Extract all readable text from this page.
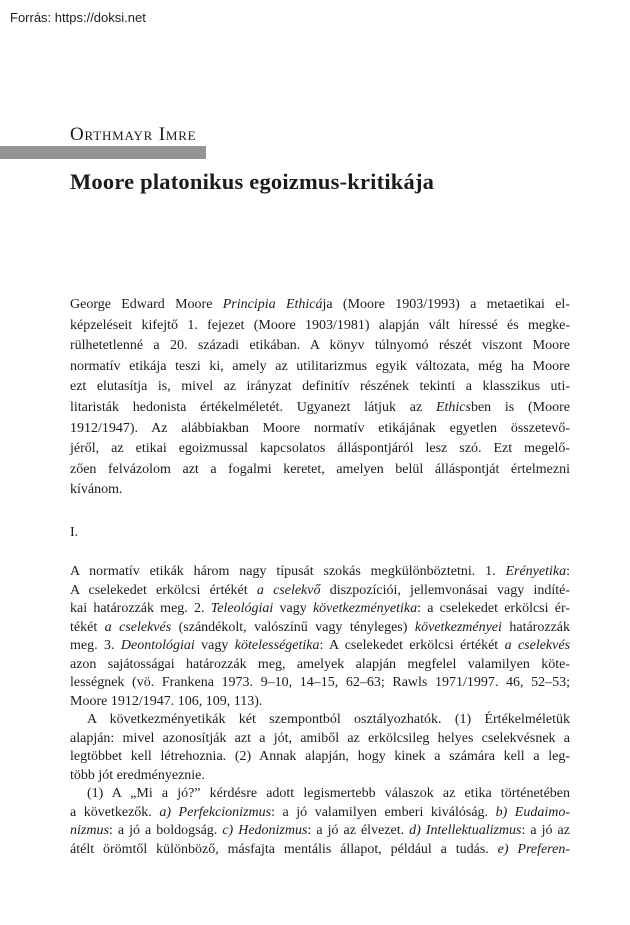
Forrás: https://doksi.net
Orthmayr Imre
Moore platonikus egoizmus-kritikája
George Edward Moore Principia Ethicája (Moore 1903/1993) a metaetikai el-
képzeléseit kifejtő 1. fejezet (Moore 1903/1981) alapján vált híressé és megke-
rülhetetlenné a 20. századi etikában. A könyv túlnyomó részét viszont Moore
normatív etikája teszi ki, amely az utilitarizmus egyik változata, még ha Moore
ezt elutasítja is, mivel az irányzat definitív részének tekinti a klasszikus uti-
litaristák hedonista értékelméletét. Ugyanezt látjuk az Ethicsben is (Moore
1912/1947). Az alábbiakban Moore normatív etikájának egyetlen összetevő-
jéről, az etikai egoizmussal kapcsolatos álláspontjáról lesz szó. Ezt megelő-
zően felvázolom azt a fogalmi keretet, amelyen belül álláspontját értelmezni
kívánom.
I.
A normatív etikák három nagy típusát szokás megkülönböztetni. 1. Erényetika:
A cselekedet erkölcsi értékét a cselekvő diszpozíciói, jellemvonásai vagy indíté-
kai határozzák meg. 2. Teleológiai vagy következményetika: a cselekedet erkölcsi ér-
tékét a cselekvés (szándékolt, valószínű vagy tényleges) következményei határozzák
meg. 3. Deontológiai vagy kötelességetika: A cselekedet erkölcsi értékét a cselekvés
azon sajátosságai határozzák meg, amelyek alapján megfelel valamilyen köte-
lességnek (vö. Frankena 1973. 9–10, 14–15, 62–63; Rawls 1971/1997. 46, 52–53;
Moore 1912/1947. 106, 109, 113).
A következményetikák két szempontból osztályozhatók. (1) Értékelméletük
alapján: mivel azonosítják azt a jót, amiből az erkölcsileg helyes cselekvésnek a
legtöbbet kell létrehoznia. (2) Annak alapján, hogy kinek a számára kell a leg-
több jót eredményeznie.
(1) A „Mi a jó?” kérdésre adott legismertebb válaszok az etika történetében
a következők. a) Perfekcionizmus: a jó valamilyen emberi kiválóság. b) Eudaimo-
nizmus: a jó a boldogság. c) Hedonizmus: a jó az élvezet. d) Intellektualizmus: a jó az
átélt örömtől különböző, másfajta mentális állapot, például a tudás. e) Preferen-
